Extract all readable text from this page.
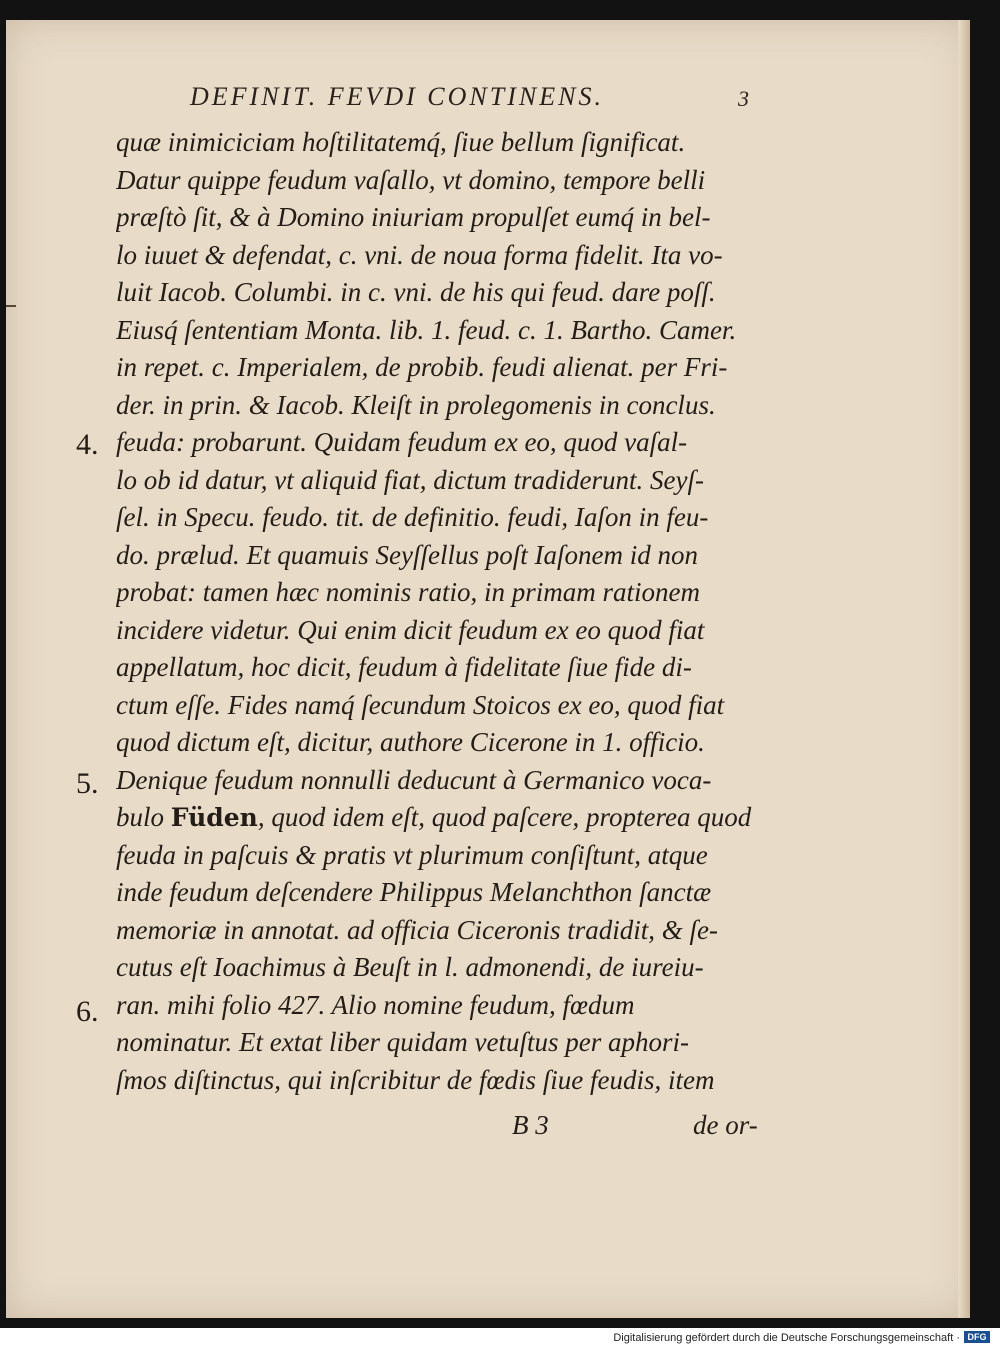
DEFINIT. FEVDI CONTINENS.	3
4.
5.
6.
quæ inimiciciam hoſtilitatemq́, ſiue bellum ſignificat.
Datur quippe feudum vaſallo, vt domino, tempore belli
præſtò ſit, & à Domino iniuriam propulſet eumq́ in bel-
lo iuuet & defendat, c. vni. de noua forma fidelit. Ita vo-
luit Iacob. Columbi. in c. vni. de his qui feud. dare poſſ.
Eiusq́ ſententiam Monta. lib. 1. feud. c. 1. Bartho. Camer.
in repet. c. Imperialem, de probib. feudi alienat. per Fri-
der. in prin. & Iacob. Kleiſt in prolegomenis in conclus.
feuda: probarunt. Quidam feudum ex eo, quod vaſal-
lo ob id datur, vt aliquid fiat, dictum tradiderunt. Seyſ-
ſel. in Specu. feudo. tit. de definitio. feudi, Iaſon in feu-
do. prælud. Et quamuis Seyſſellus poſt Iaſonem id non
probat: tamen hæc nominis ratio, in primam rationem
incidere videtur. Qui enim dicit feudum ex eo quod fiat
appellatum, hoc dicit, feudum à fidelitate ſiue fide di-
ctum eſſe. Fides namq́ ſecundum Stoicos ex eo, quod fiat
quod dictum eſt, dicitur, authore Cicerone in 1. officio.
Denique feudum nonnulli deducunt à Germanico voca-
bulo Füden, quod idem eſt, quod paſcere, propterea quod
feuda in paſcuis & pratis vt plurimum conſiſtunt, atque
inde feudum deſcendere Philippus Melanchthon ſanctæ
memoriæ in annotat. ad officia Ciceronis tradidit, & ſe-
cutus eſt Ioachimus à Beuſt in l. admonendi, de iureiu-
ran. mihi folio 427. Alio nomine feudum, fœdum
nominatur. Et extat liber quidam vetuſtus per aphori-
ſmos diſtinctus, qui inſcribitur de fœdis ſiue feudis, item
B 3	de or-
Digitalisierung gefördert durch die Deutsche Forschungsgemeinschaft · DFG
